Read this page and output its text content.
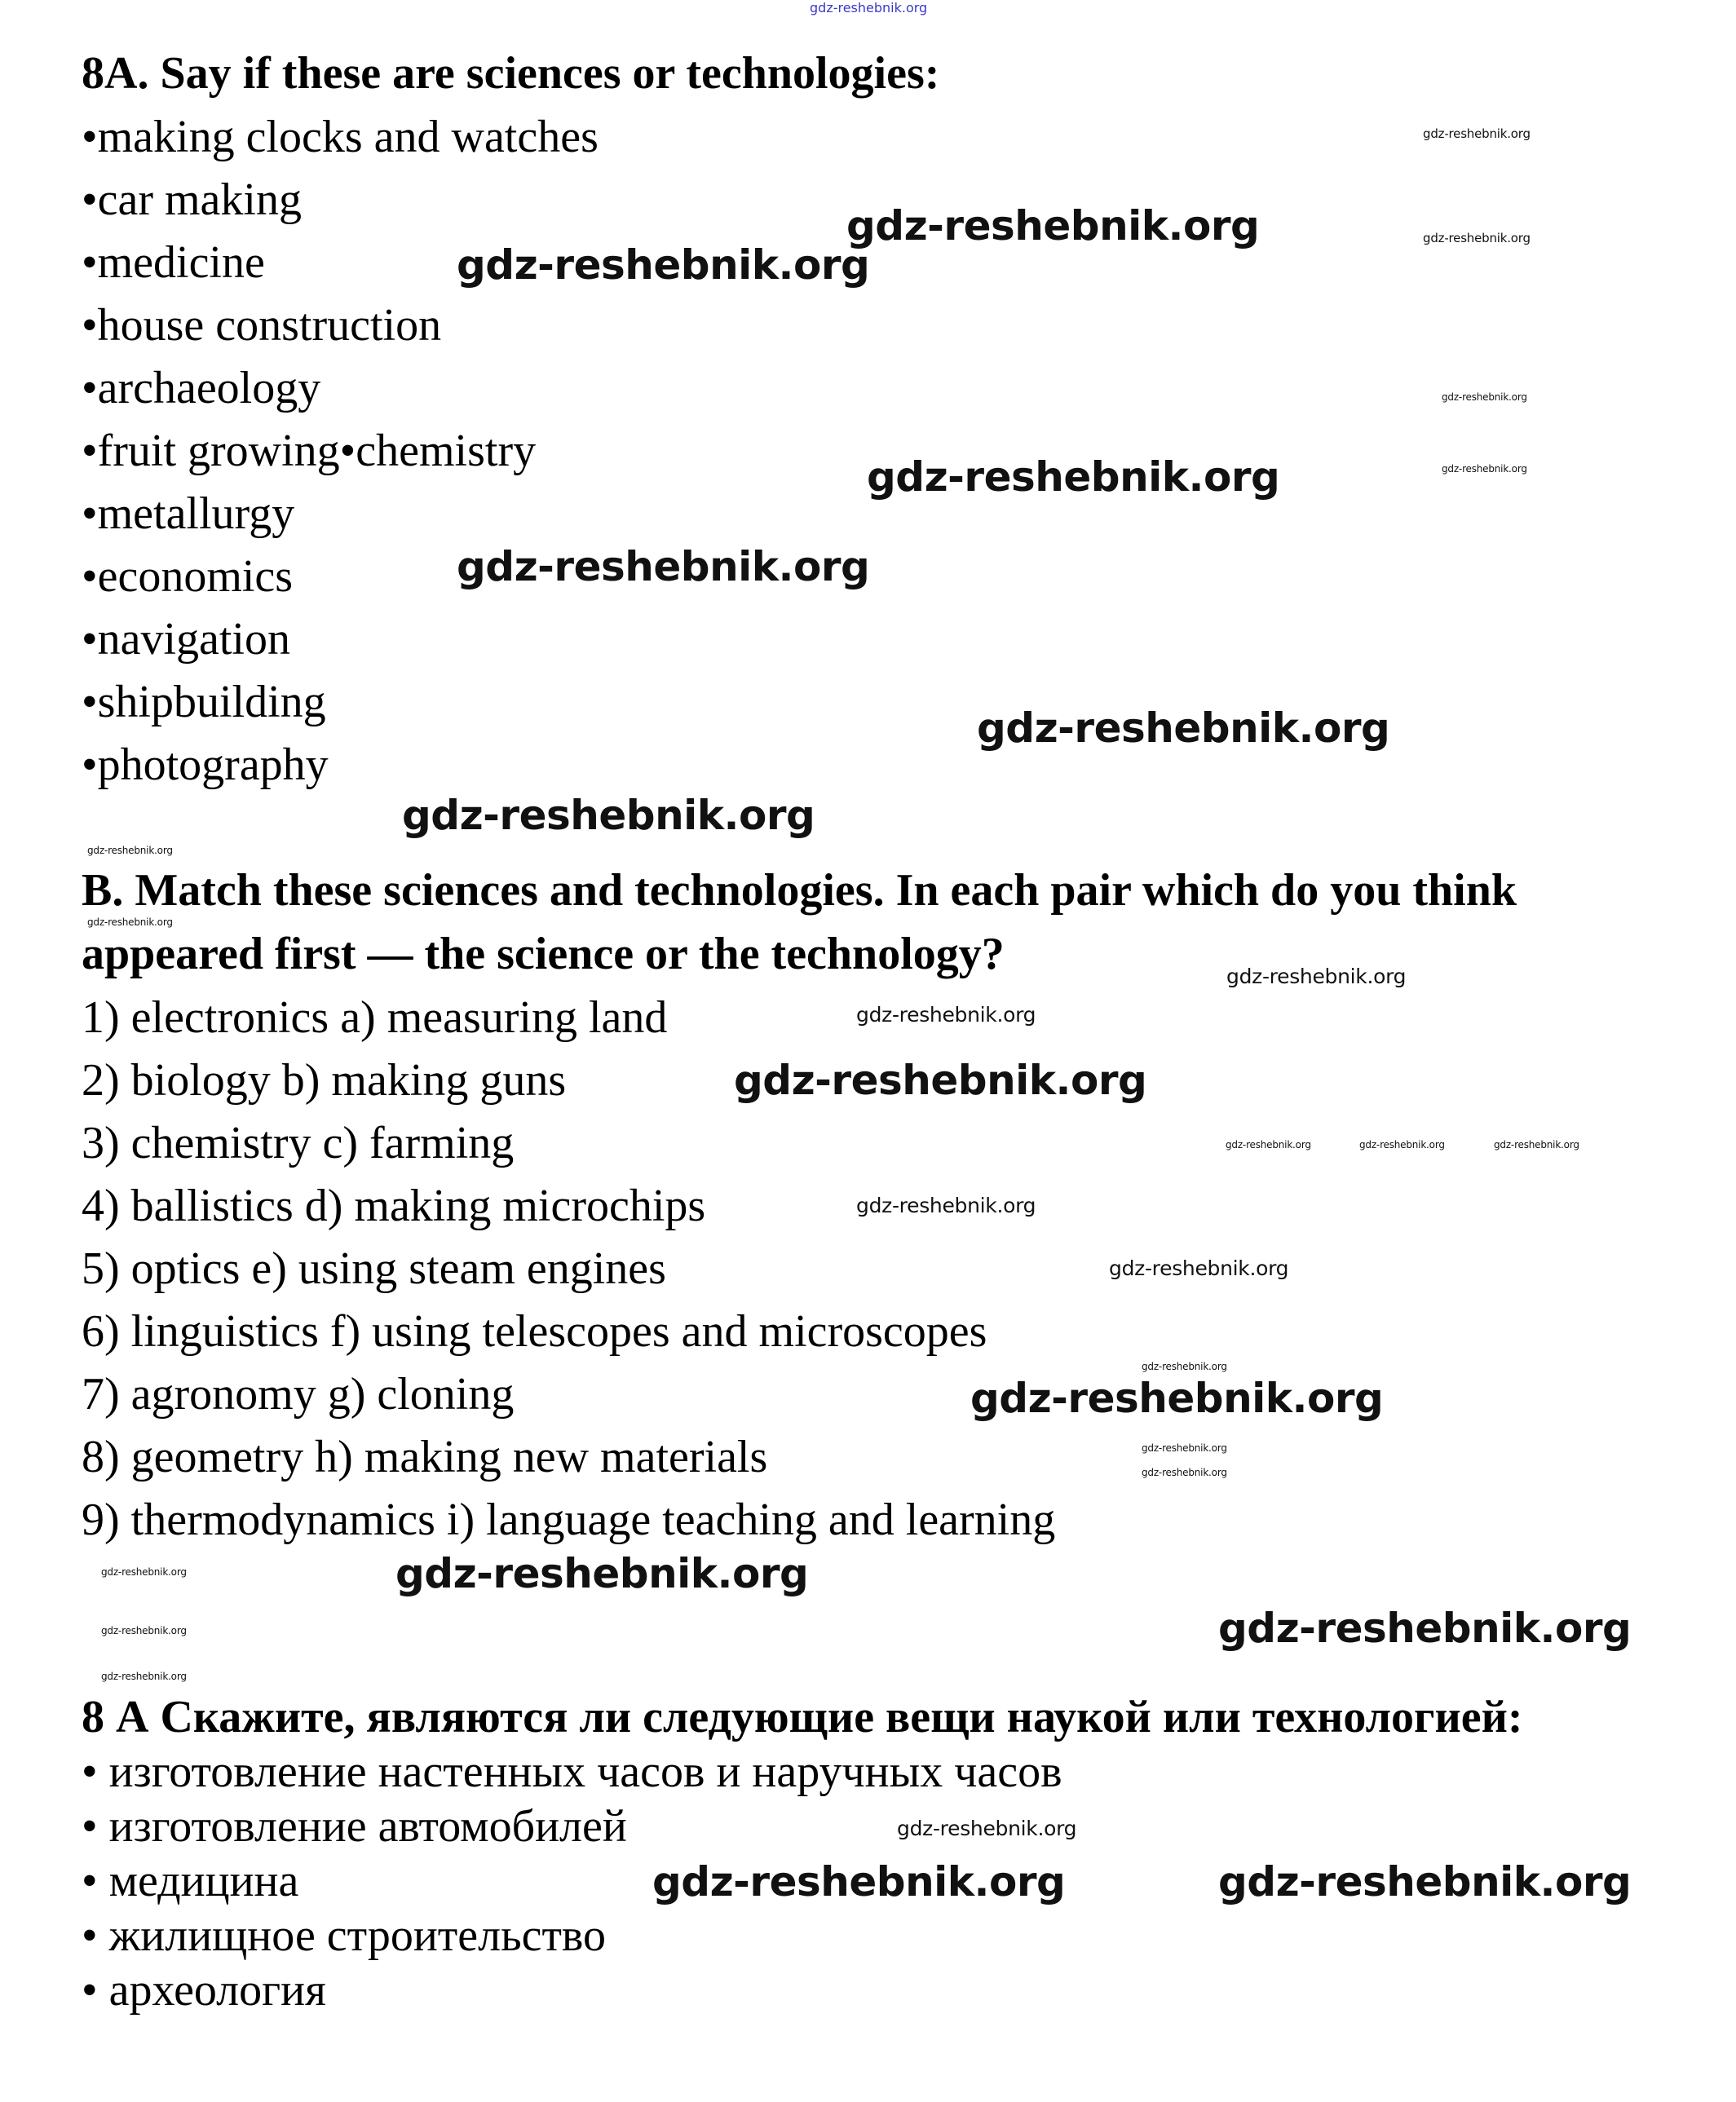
gdz-reshebnik.org
8A. Say if these are sciences or technologies:
•making clocks and watches
•car making
•medicine
•house construction
•archaeology
•fruit growing•chemistry
•metallurgy
•economics
•navigation
•shipbuilding
•photography
B. Match these sciences and technologies. In each pair which do you think
appeared first — the science or the technology?
1) electronics a) measuring land
2) biology b) making guns
3) chemistry c) farming
4) ballistics d) making microchips
5) optics e) using steam engines
6) linguistics f) using telescopes and microscopes
7) agronomy g) cloning
8) geometry h) making new materials
9) thermodynamics i) language teaching and learning
8 А Скажите, являются ли следующие вещи наукой или технологией:
• изготовление настенных часов и наручных часов
• изготовление автомобилей
• медицина
• жилищное строительство
• археология
gdz-reshebnik.org
gdz-reshebnik.org	gdz-reshebnik.org
gdz-reshebnik.org
gdz-reshebnik.org
gdz-reshebnik.org
gdz-reshebnik.org
gdz-reshebnik.org
gdz-reshebnik.org
gdz-reshebnik.org
gdz-reshebnik.org
gdz-reshebnik.org
gdz-reshebnik.org
gdz-reshebnik.org
gdz-reshebnik.org
gdz-reshebnik.org	gdz-reshebnik.org	gdz-reshebnik.org
gdz-reshebnik.org
gdz-reshebnik.org
gdz-reshebnik.org
gdz-reshebnik.org
gdz-reshebnik.org
gdz-reshebnik.org
gdz-reshebnik.org	gdz-reshebnik.org
gdz-reshebnik.org	gdz-reshebnik.org
gdz-reshebnik.org
gdz-reshebnik.org
gdz-reshebnik.org	gdz-reshebnik.org
